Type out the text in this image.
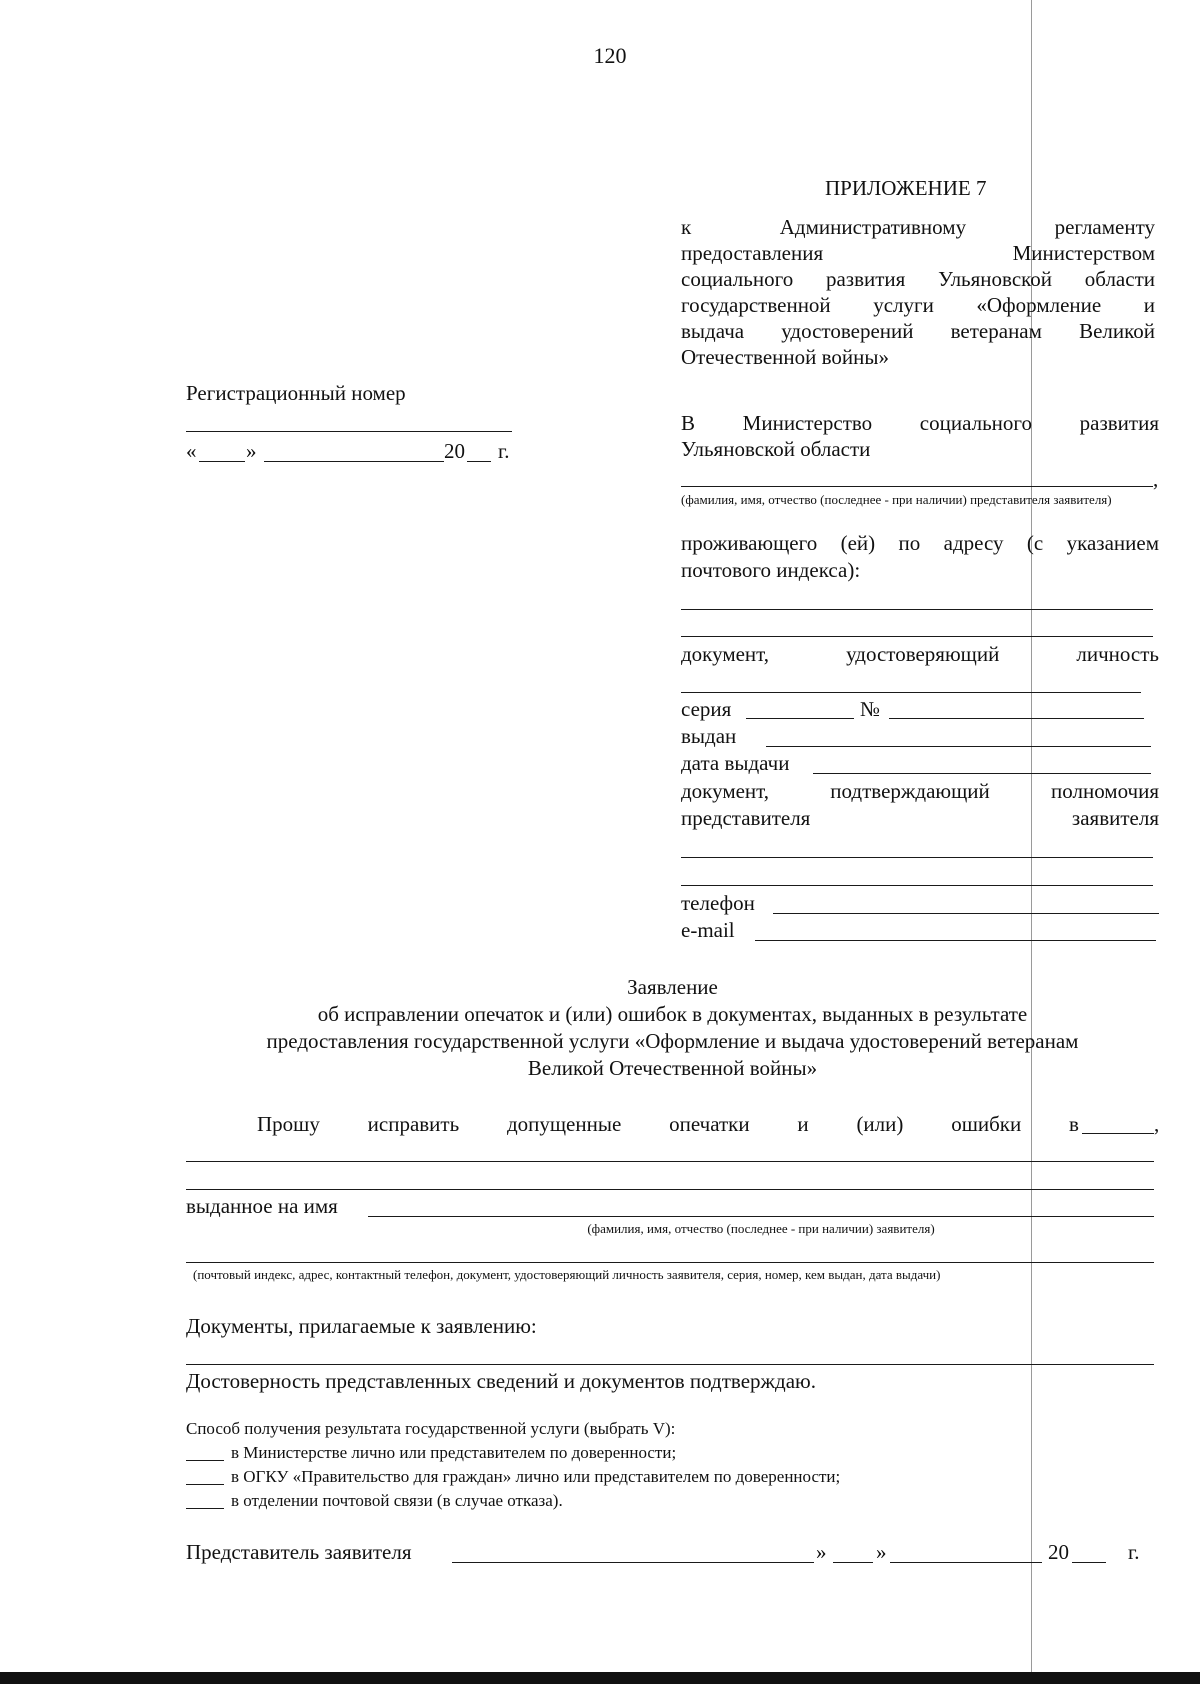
120
ПРИЛОЖЕНИЕ 7
к Административному регламенту
предоставления Министерством
социального развития Ульяновской области
государственной услуги «Оформление и
выдача удостоверений ветеранам Великой
Отечественной войны»
Регистрационный номер
« »	20 г.
В Министерство социального развития
Ульяновской области
,
(фамилия, имя, отчество (последнее - при наличии) представителя заявителя)
проживающего (ей) по адресу (с указанием
почтового индекса):
документ, удостоверяющий личность
серия	№
выдан
дата выдачи
документ, подтверждающий полномочия
представителя заявителя
телефон
e-mail
Заявление
об исправлении опечаток и (или) ошибок в документах, выданных в результате
предоставления государственной услуги «Оформление и выдача удостоверений ветеранам
Великой Отечественной войны»
Прошу исправить допущенные опечатки и (или) ошибки в	,
выданное на имя
(фамилия, имя, отчество (последнее - при наличии) заявителя)
(почтовый индекс, адрес, контактный телефон, документ, удостоверяющий личность заявителя, серия, номер, кем выдан, дата выдачи)
Документы, прилагаемые к заявлению:
Достоверность представленных сведений и документов подтверждаю.
Способ получения результата государственной услуги (выбрать V):
в Министерстве лично или представителем по доверенности;
в ОГКУ «Правительство для граждан» лично или представителем по доверенности;
в отделении почтовой связи (в случае отказа).
Представитель заявителя	» »	20	г.
